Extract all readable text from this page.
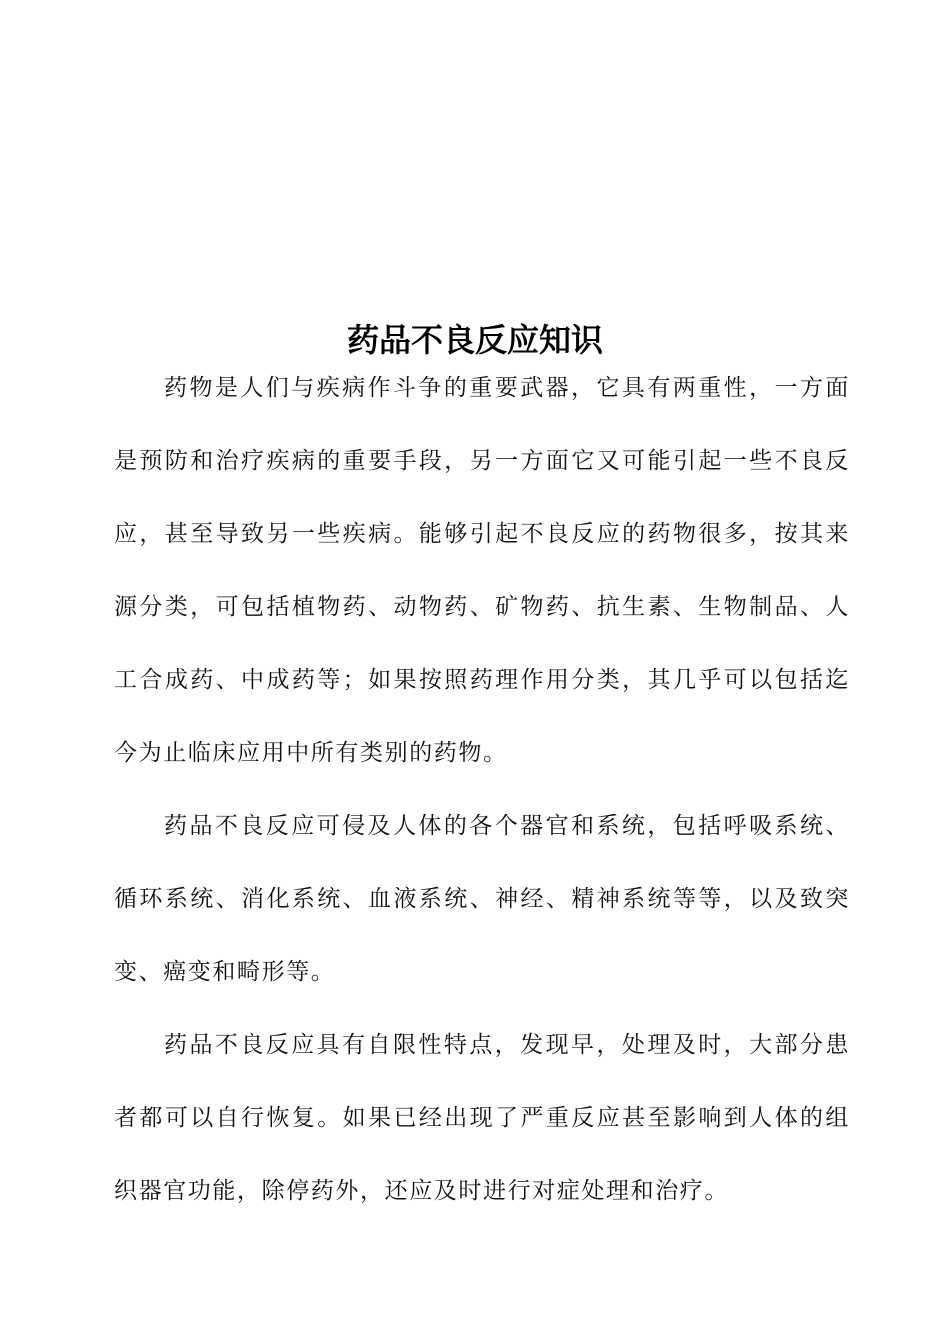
药品不良反应知识

药物是人们与疾病作斗争的重要武器，它具有两重性，一方面是预防和治疗疾病的重要手段，另一方面它又可能引起一些不良反应，甚至导致另一些疾病。能够引起不良反应的药物很多，按其来源分类，可包括植物药、动物药、矿物药、抗生素、生物制品、人工合成药、中成药等；如果按照药理作用分类，其几乎可以包括迄今为止临床应用中所有类别的药物。

药品不良反应可侵及人体的各个器官和系统，包括呼吸系统、循环系统、消化系统、血液系统、神经、精神系统等等，以及致突变、癌变和畸形等。

药品不良反应具有自限性特点，发现早，处理及时，大部分患者都可以自行恢复。如果已经出现了严重反应甚至影响到人体的组织器官功能，除停药外，还应及时进行对症处理和治疗。
